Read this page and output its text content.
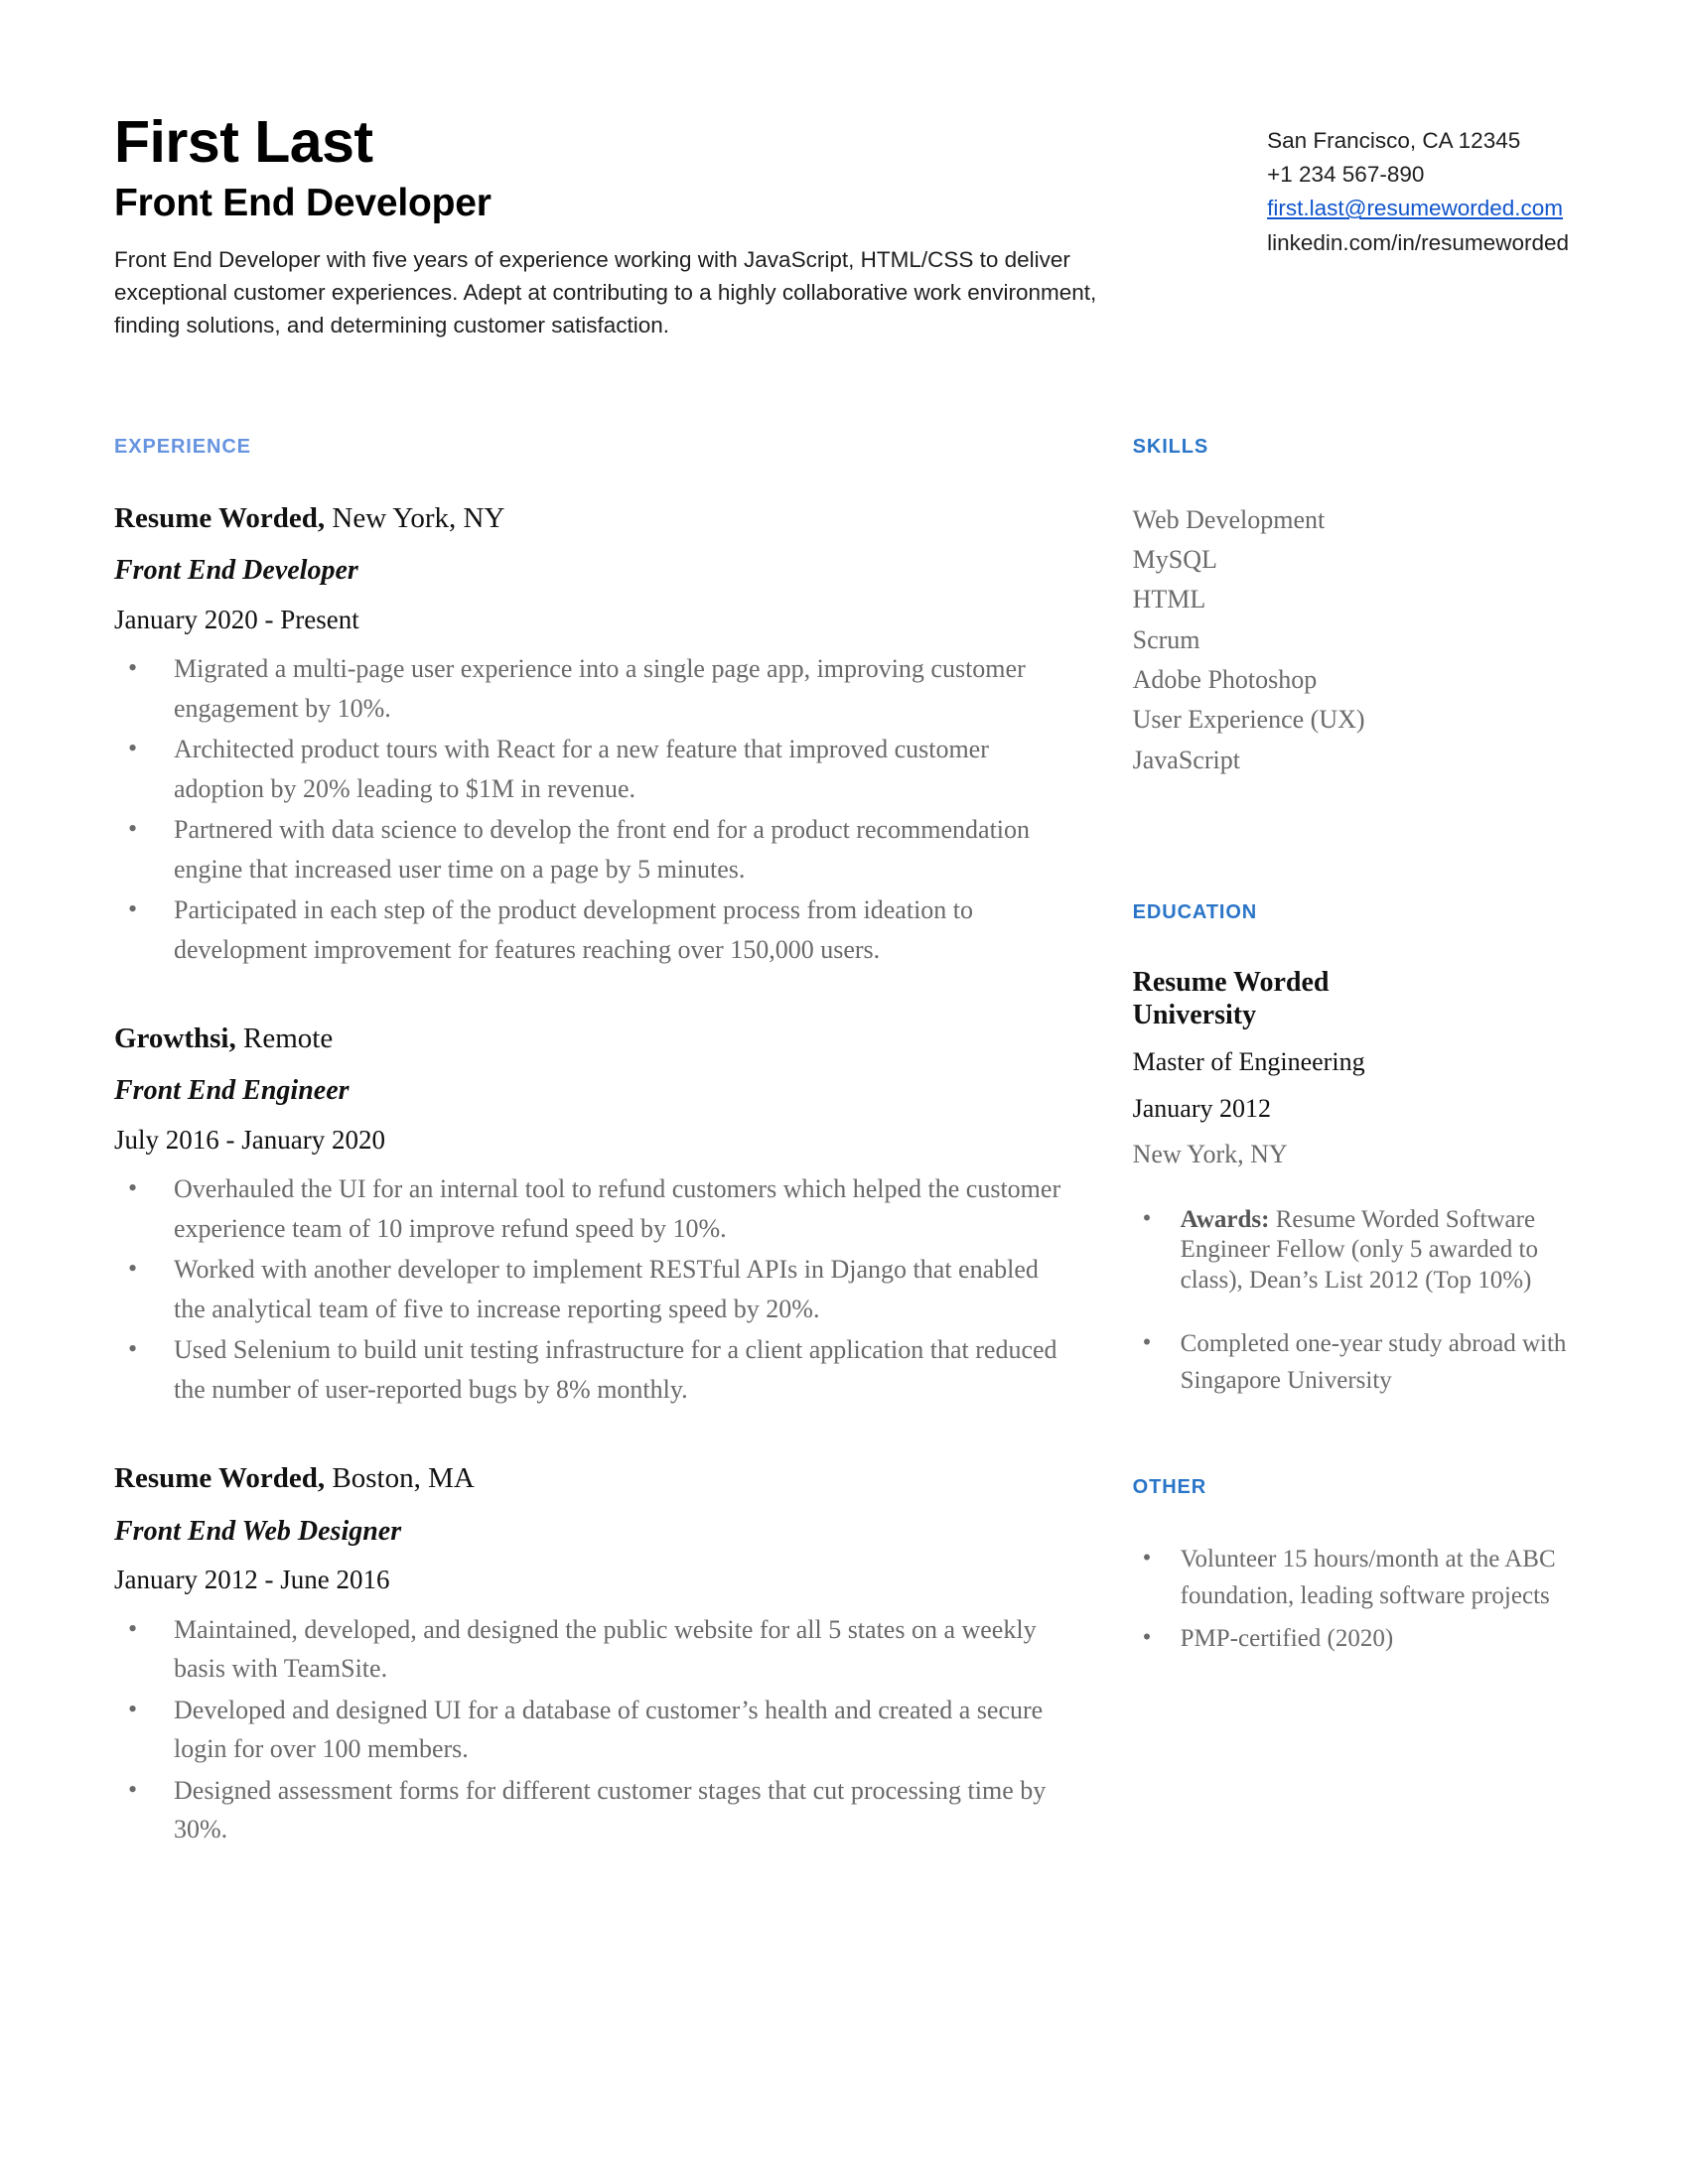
First Last
Front End Developer

Front End Developer with five years of experience working with JavaScript, HTML/CSS to deliver exceptional customer experiences. Adept at contributing to a highly collaborative work environment, finding solutions, and determining customer satisfaction.

San Francisco, CA 12345
+1 234 567-890
first.last@resumeworded.com
linkedin.com/in/resumeworded
EXPERIENCE
Resume Worded, New York, NY
Front End Developer
January 2020 - Present
• Migrated a multi-page user experience into a single page app, improving customer engagement by 10%.
• Architected product tours with React for a new feature that improved customer adoption by 20% leading to $1M in revenue.
• Partnered with data science to develop the front end for a product recommendation engine that increased user time on a page by 5 minutes.
• Participated in each step of the product development process from ideation to development improvement for features reaching over 150,000 users.
Growthsi, Remote
Front End Engineer
July 2016 - January 2020
• Overhauled the UI for an internal tool to refund customers which helped the customer experience team of 10 improve refund speed by 10%.
• Worked with another developer to implement RESTful APIs in Django that enabled the analytical team of five to increase reporting speed by 20%.
• Used Selenium to build unit testing infrastructure for a client application that reduced the number of user-reported bugs by 8% monthly.
Resume Worded, Boston, MA
Front End Web Designer
January 2012 - June 2016
• Maintained, developed, and designed the public website for all 5 states on a weekly basis with TeamSite.
• Developed and designed UI for a database of customer’s health and created a secure login for over 100 members.
• Designed assessment forms for different customer stages that cut processing time by 30%.
SKILLS
Web Development
MySQL
HTML
Scrum
Adobe Photoshop
User Experience (UX)
JavaScript
EDUCATION
Resume Worded University
Master of Engineering
January 2012
New York, NY
• Awards: Resume Worded Software Engineer Fellow (only 5 awarded to class), Dean’s List 2012 (Top 10%)
• Completed one-year study abroad with Singapore University
OTHER
• Volunteer 15 hours/month at the ABC foundation, leading software projects
• PMP-certified (2020)
